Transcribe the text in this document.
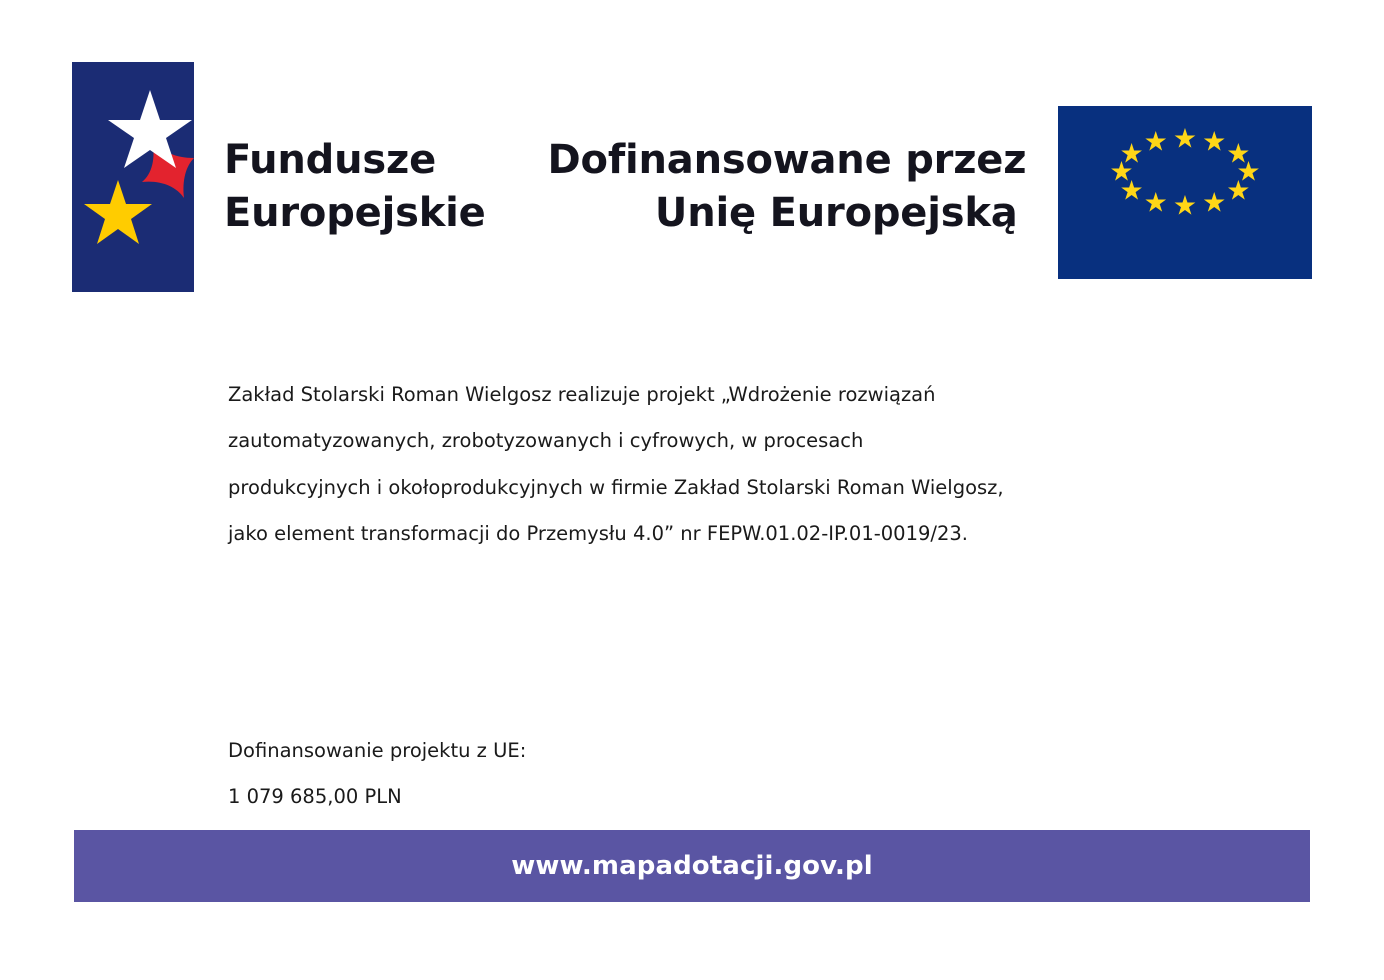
Fundusze
Europejskie
Dofinansowane przez
Unię Europejską
★ ★ ★
★
★
★
★
★
★
★
★ ★
Zakład Stolarski Roman Wielgosz realizuje projekt „Wdrożenie rozwiązań
zautomatyzowanych, zrobotyzowanych i cyfrowych, w procesach
produkcyjnych i okołoprodukcyjnych w firmie Zakład Stolarski Roman Wielgosz,
jako element transformacji do Przemysłu 4.0” nr FEPW.01.02-IP.01-0019/23.
Dofinansowanie projektu z UE:
1 079 685,00 PLN
www.mapadotacji.gov.pl
